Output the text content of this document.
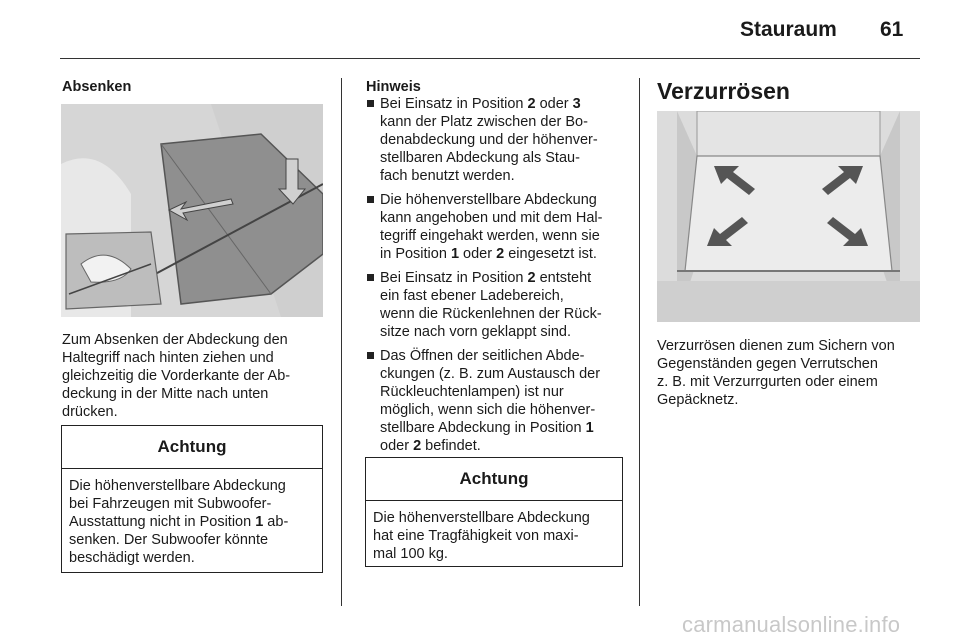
Stauraum 61
Absenken

Zum Absenken der Abdeckung den

Haltegriff nach hinten ziehen und

gleichzeitig die Vorderkante der Ab-

deckung in der Mitte nach unten

drücken.

Achtung
Die höhenverstellbare Abdeckung
bei Fahrzeugen mit Subwoofer-
Ausstattung nicht in Position 1 ab-
senken. Der Subwoofer könnte
beschädigt werden.
Hinweis
Bei Einsatz in Position 2 oder 3
kann der Platz zwischen der Bo-
denabdeckung und der höhenver-
stellbaren Abdeckung als Stau-
fach benutzt werden.
Die höhenverstellbare Abdeckung
kann angehoben und mit dem Hal-
tegriff eingehakt werden, wenn sie
in Position 1 oder 2 eingesetzt ist.
Bei Einsatz in Position 2 entsteht
ein fast ebener Ladebereich,
wenn die Rückenlehnen der Rück-
sitze nach vorn geklappt sind.
Das Öffnen der seitlichen Abde-
ckungen (z. B. zum Austausch der
Rückleuchtenlampen) ist nur
möglich, wenn sich die höhenver-
stellbare Abdeckung in Position 1
oder 2 befindet.
Achtung
Die höhenverstellbare Abdeckung
hat eine Tragfähigkeit von maxi-
mal 100 kg.
Verzurrösen

Verzurrösen dienen zum Sichern von

Gegenständen gegen Verrutschen

z. B. mit Verzurrgurten oder einem

Gepäcknetz.

carmanualsonline.info
